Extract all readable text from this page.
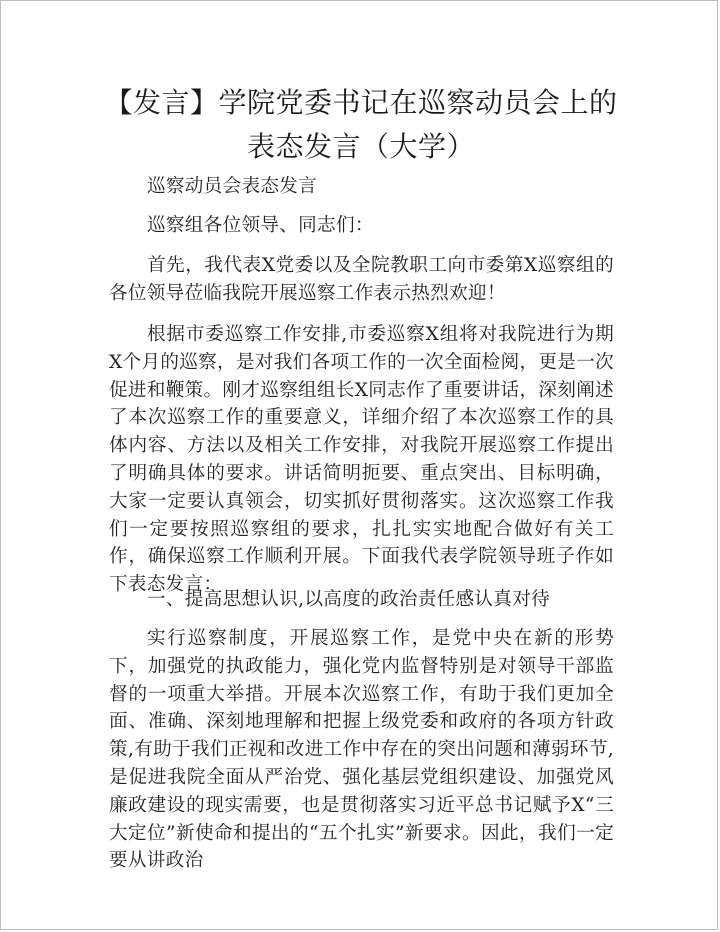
【发言】学院党委书记在巡察动员会上的表态发言（大学）

巡察动员会表态发言

巡察组各位领导、同志们：

首先，我代表X党委以及全院教职工向市委第X巡察组的各位领导莅临我院开展巡察工作表示热烈欢迎！

根据市委巡察工作安排,市委巡察X组将对我院进行为期X个月的巡察，是对我们各项工作的一次全面检阅，更是一次促进和鞭策。刚才巡察组组长X同志作了重要讲话，深刻阐述了本次巡察工作的重要意义，详细介绍了本次巡察工作的具体内容、方法以及相关工作安排，对我院开展巡察工作提出了明确具体的要求。讲话简明扼要、重点突出、目标明确，大家一定要认真领会，切实抓好贯彻落实。这次巡察工作我们一定要按照巡察组的要求，扎扎实实地配合做好有关工作，确保巡察工作顺利开展。下面我代表学院领导班子作如下表态发言：

一、提高思想认识,以高度的政治责任感认真对待

实行巡察制度，开展巡察工作，是党中央在新的形势下，加强党的执政能力，强化党内监督特别是对领导干部监督的一项重大举措。开展本次巡察工作，有助于我们更加全面、准确、深刻地理解和把握上级党委和政府的各项方针政策,有助于我们正视和改进工作中存在的突出问题和薄弱环节,是促进我院全面从严治党、强化基层党组织建设、加强党风廉政建设的现实需要，也是贯彻落实习近平总书记赋予X“三大定位”新使命和提出的“五个扎实”新要求。因此，我们一定要从讲政治
